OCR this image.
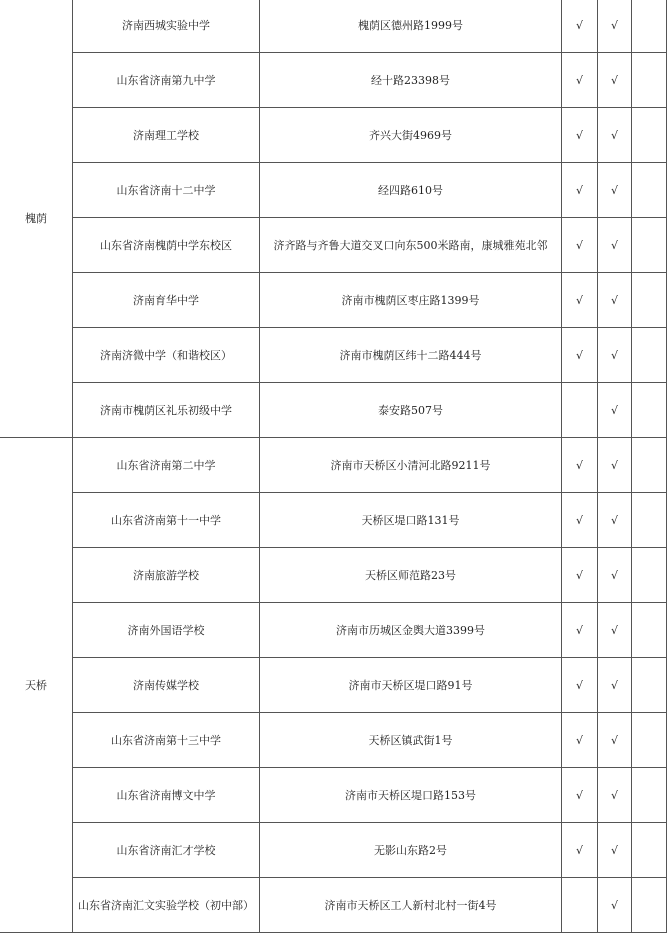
槐荫	济南西城实验中学	槐荫区德州路1999号	√	√	
	山东省济南第九中学	经十路23398号	√	√	
	济南理工学校	齐兴大街4969号	√	√	
	山东省济南十二中学	经四路610号	√	√	
	山东省济南槐荫中学东校区	济齐路与齐鲁大道交叉口向东500米路南，康城雅苑北邻	√	√	
	济南育华中学	济南市槐荫区枣庄路1399号	√	√	
	济南济微中学（和谐校区）	济南市槐荫区纬十二路444号	√	√	
	济南市槐荫区礼乐初级中学	泰安路507号		√	
天桥	山东省济南第二中学	济南市天桥区小清河北路9211号	√	√	
	山东省济南第十一中学	天桥区堤口路131号	√	√	
	济南旅游学校	天桥区师范路23号	√	√	
	济南外国语学校	济南市历城区金舆大道3399号	√	√	
	济南传媒学校	济南市天桥区堤口路91号	√	√	
	山东省济南第十三中学	天桥区镇武街1号	√	√	
	山东省济南博文中学	济南市天桥区堤口路153号	√	√	
	山东省济南汇才学校	无影山东路2号	√	√	
	山东省济南汇文实验学校（初中部）	济南市天桥区工人新村北村一街4号		√	
